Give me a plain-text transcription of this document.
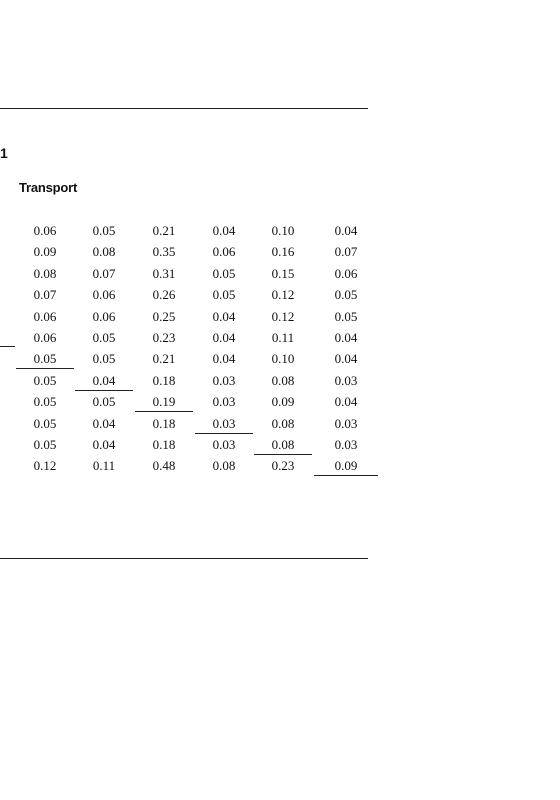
1
Transport
0.06	0.05	0.21	0.04	0.10	0.04
0.09	0.08	0.35	0.06	0.16	0.07
0.08	0.07	0.31	0.05	0.15	0.06
0.07	0.06	0.26	0.05	0.12	0.05
0.06	0.06	0.25	0.04	0.12	0.05
0.06	0.05	0.23	0.04	0.11	0.04
0.05	0.05	0.21	0.04	0.10	0.04
0.05	0.04	0.18	0.03	0.08	0.03
0.05	0.05	0.19	0.03	0.09	0.04
0.05	0.04	0.18	0.03	0.08	0.03
0.05	0.04	0.18	0.03	0.08	0.03
0.12	0.11	0.48	0.08	0.23	0.09
